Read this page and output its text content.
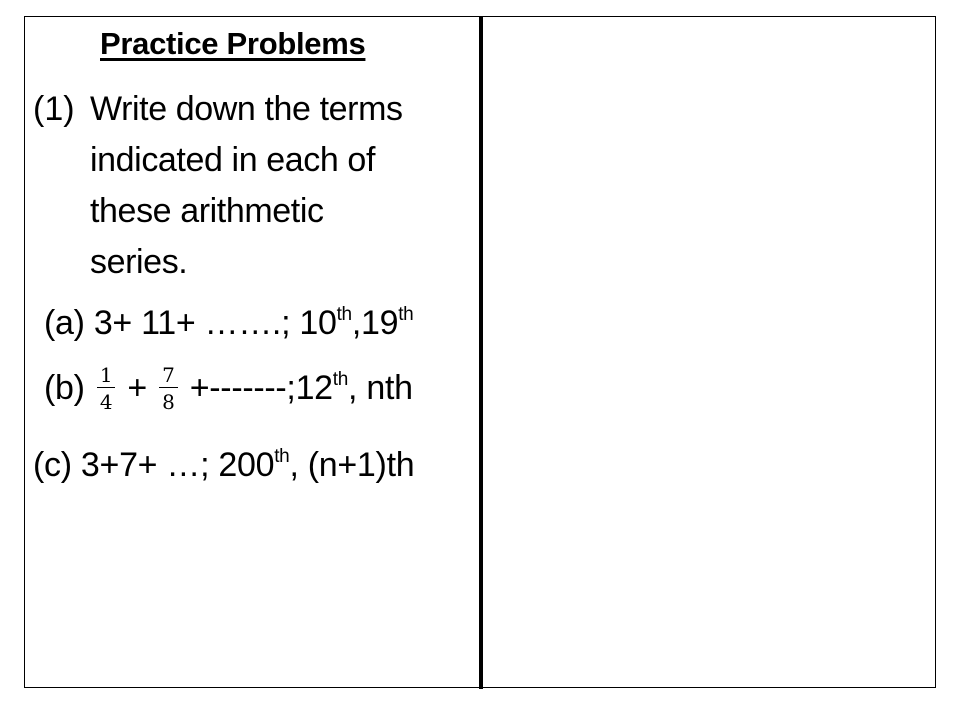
Practice Problems
(1) Write down the terms
indicated in each of
these arithmetic
series.
(a) 3+ 11+ …….; 10th,19th
$(b) \frac{1}{4} + \frac{7}{8}$ +-------;12th, nth
(c) 3+7+ …; 200th, (n+1)th
